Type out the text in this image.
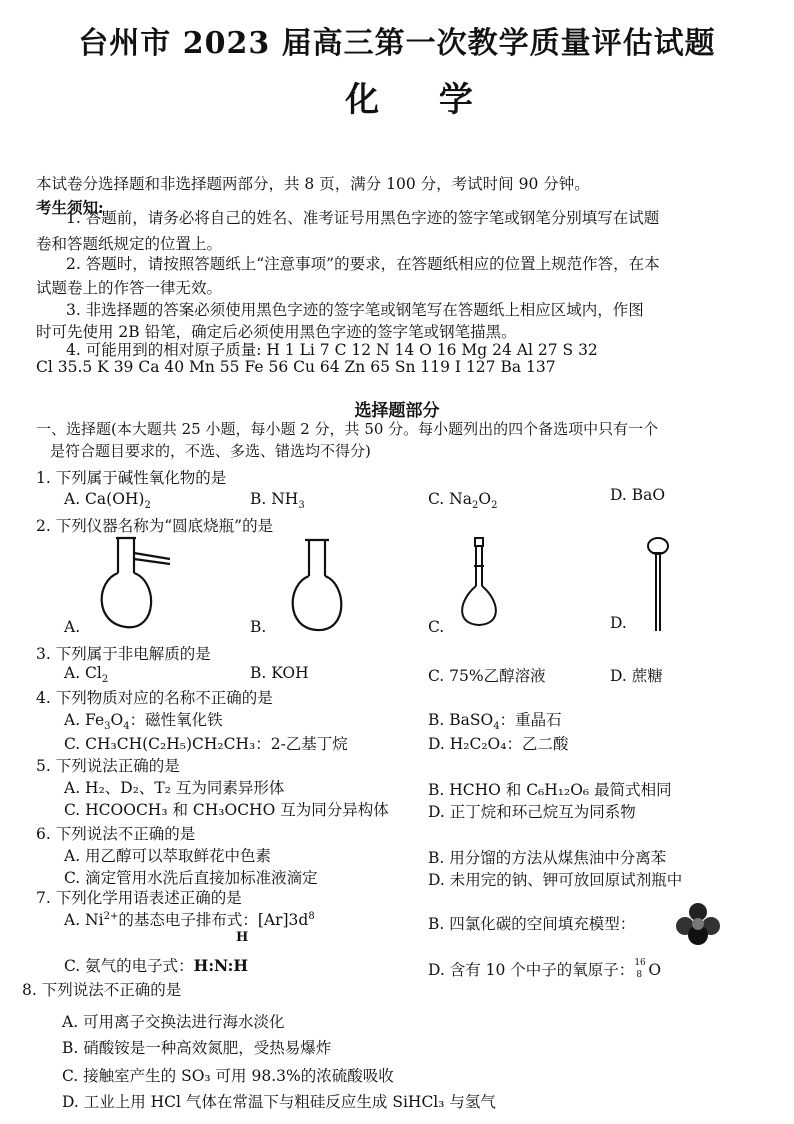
台州市 2023 届高三第一次教学质量评估试题
化 学
本试卷分选择题和非选择题两部分，共 8 页，满分 100 分，考试时间 90 分钟。
考生须知:
1. 答题前，请务必将自己的姓名、准考证号用黑色字迹的签字笔或钢笔分别填写在试题
卷和答题纸规定的位置上。
2. 答题时，请按照答题纸上“注意事项”的要求，在答题纸相应的位置上规范作答，在本
试题卷上的作答一律无效。
3. 非选择题的答案必须使用黑色字迹的签字笔或钢笔写在答题纸上相应区域内，作图
时可先使用 2B 铅笔，确定后必须使用黑色字迹的签字笔或钢笔描黑。
4. 可能用到的相对原子质量: H 1 Li 7 C 12 N 14 O 16 Mg 24 Al 27 S 32
Cl 35.5 K 39 Ca 40 Mn 55 Fe 56 Cu 64 Zn 65 Sn 119 I 127 Ba 137
选择题部分
一、选择题(本大题共 25 小题，每小题 2 分，共 50 分。每小题列出的四个备选项中只有一个
是符合题目要求的，不选、多选、错选均不得分)
1. 下列属于碱性氧化物的是
A. $Ca(OH)_2$	B. $NH_3$	C. $Na_2O_2$
D. BaO
2. 下列仪器名称为“圆底烧瓶”的是
A.	B.	C.	D.
3. 下列属于非电解质的是
A. $Cl_2$	B. KOH	C. 75%乙醇溶液	D. 蔗糖
4. 下列物质对应的名称不正确的是
A. $Fe_3O_4$：磁性氧化铁	B. BaSO$_4$：重晶石
C. CH₃CH(C₂H₅)CH₂CH₃：2-乙基丁烷	D. H₂C₂O₄：乙二酸
5. 下列说法正确的是
A. H₂、D₂、T₂ 互为同素异形体	B. HCHO 和 C₆H₁₂O₆ 最简式相同
C. HCOOCH₃ 和 CH₃OCHO 互为同分异构体	D. 正丁烷和环己烷互为同系物
6. 下列说法不正确的是
A. 用乙醇可以萃取鲜花中色素	B. 用分馏的方法从煤焦油中分离苯
C. 滴定管用水洗后直接加标准液滴定	D. 未用完的钠、钾可放回原试剂瓶中
7. 下列化学用语表述正确的是
A. $Ni^{2+}$的基态电子排布式：$[Ar]3d^8$	B. 四氯化碳的空间填充模型：
H
C. 氨气的电子式：H:N:H	D. 含有 10 个中子的氧原子： 16
8 O
8. 下列说法不正确的是
A. 可用离子交换法进行海水淡化
B. 硝酸铵是一种高效氮肥，受热易爆炸
C. 接触室产生的 SO₃ 可用 98.3%的浓硫酸吸收
D. 工业上用 HCl 气体在常温下与粗硅反应生成 SiHCl₃ 与氢气
